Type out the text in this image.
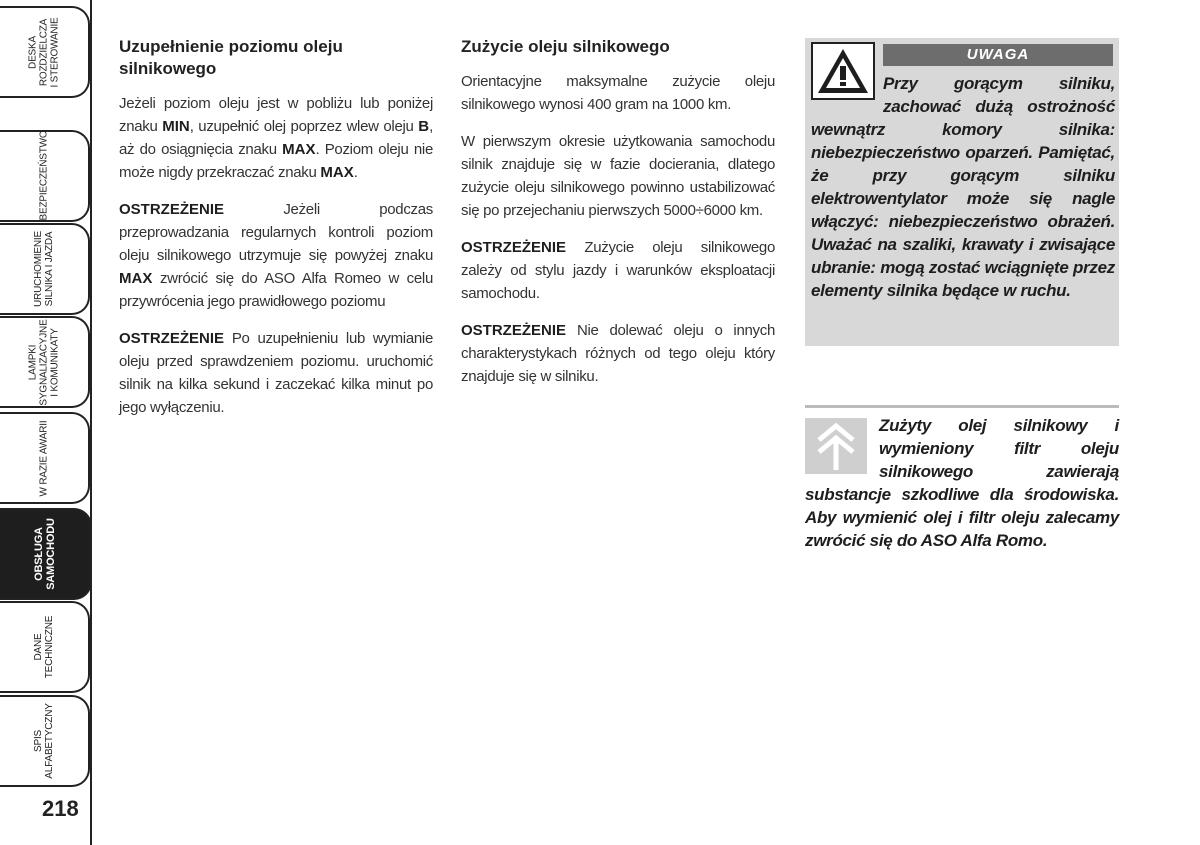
DESKA
ROZDZIELCZA
I STEROWANIE
BEZPIECZEŃSTWO
URUCHOMIENIE
SILNIKA I JAZDA
LAMPKI
SYGNALIZACYJNE
I KOMUNIKATY
W RAZIE AWARII
OBSŁUGA
SAMOCHODU
DANE
TECHNICZNE
SPIS
ALFABETYCZNY
218
Uzupełnienie poziomu oleju silnikowego

Jeżeli poziom oleju jest w pobliżu lub poniżej znaku MIN, uzupełnić olej poprzez wlew oleju B, aż do osiągnięcia znaku MAX. Poziom oleju nie może nigdy przekraczać znaku MAX.

OSTRZEŻENIE Jeżeli podczas przeprowadzania regularnych kontroli poziom oleju silnikowego utrzymuje się powyżej znaku MAX zwrócić się do ASO Alfa Romeo w celu przywrócenia jego prawidłowego poziomu

OSTRZEŻENIE Po uzupełnieniu lub wymianie oleju przed sprawdzeniem poziomu. uruchomić silnik na kilka sekund i zaczekać kilka minut po jego wyłączeniu.

Zużycie oleju silnikowego

Orientacyjne maksymalne zużycie oleju silnikowego wynosi 400 gram na 1000 km.

W pierwszym okresie użytkowania samochodu silnik znajduje się w fazie docierania, dlatego zużycie oleju silnikowego powinno ustabilizować się po przejechaniu pierwszych 5000÷6000 km.

OSTRZEŻENIE Zużycie oleju silnikowego zależy od stylu jazdy i warunków eksploatacji samochodu.

OSTRZEŻENIE Nie dolewać oleju o innych charakterystykach różnych od tego oleju który znajduje się w silniku.

UWAGA

Przy gorącym silniku, zachować dużą ostrożność wewnątrz komory silnika: niebezpieczeństwo oparzeń. Pamiętać, że przy gorącym silniku elektrowentylator może się nagle włączyć: niebezpieczeństwo obrażeń. Uważać na szaliki, krawaty i zwisające ubranie: mogą zostać wciągnięte przez elementy silnika będące w ruchu.

Zużyty olej silnikowy i wymieniony filtr oleju silnikowego zawierają substancje szkodliwe dla środowiska. Aby wymienić olej i filtr oleju zalecamy zwrócić się do ASO Alfa Romo.
